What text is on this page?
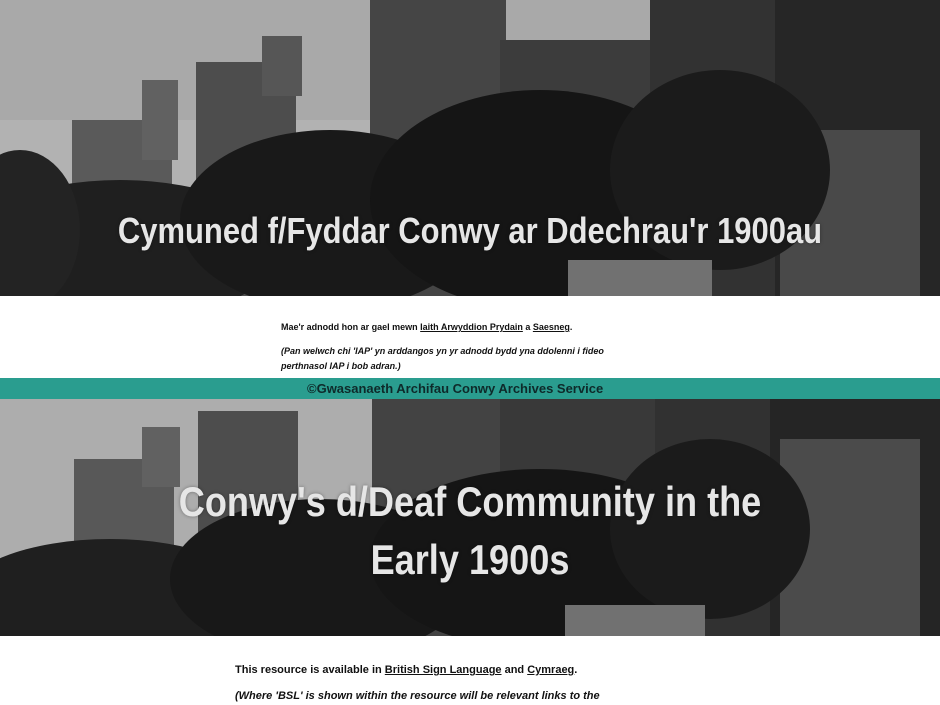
Cymuned f/Fyddar Conwy ar Ddechrau'r 1900au
Mae'r adnodd hon ar gael mewn Iaith Arwyddion Prydain a Saesneg.
(Pan welwch chi 'IAP' yn arddangos yn yr adnodd bydd yna ddolenni i fideo perthnasol IAP i bob adran.)
©Gwasanaeth Archifau Conwy Archives Service
Conwy's d/Deaf Community in the
Early 1900s
This resource is available in British Sign Language and Cymraeg.
(Where 'BSL' is shown within the resource will be relevant links to the
